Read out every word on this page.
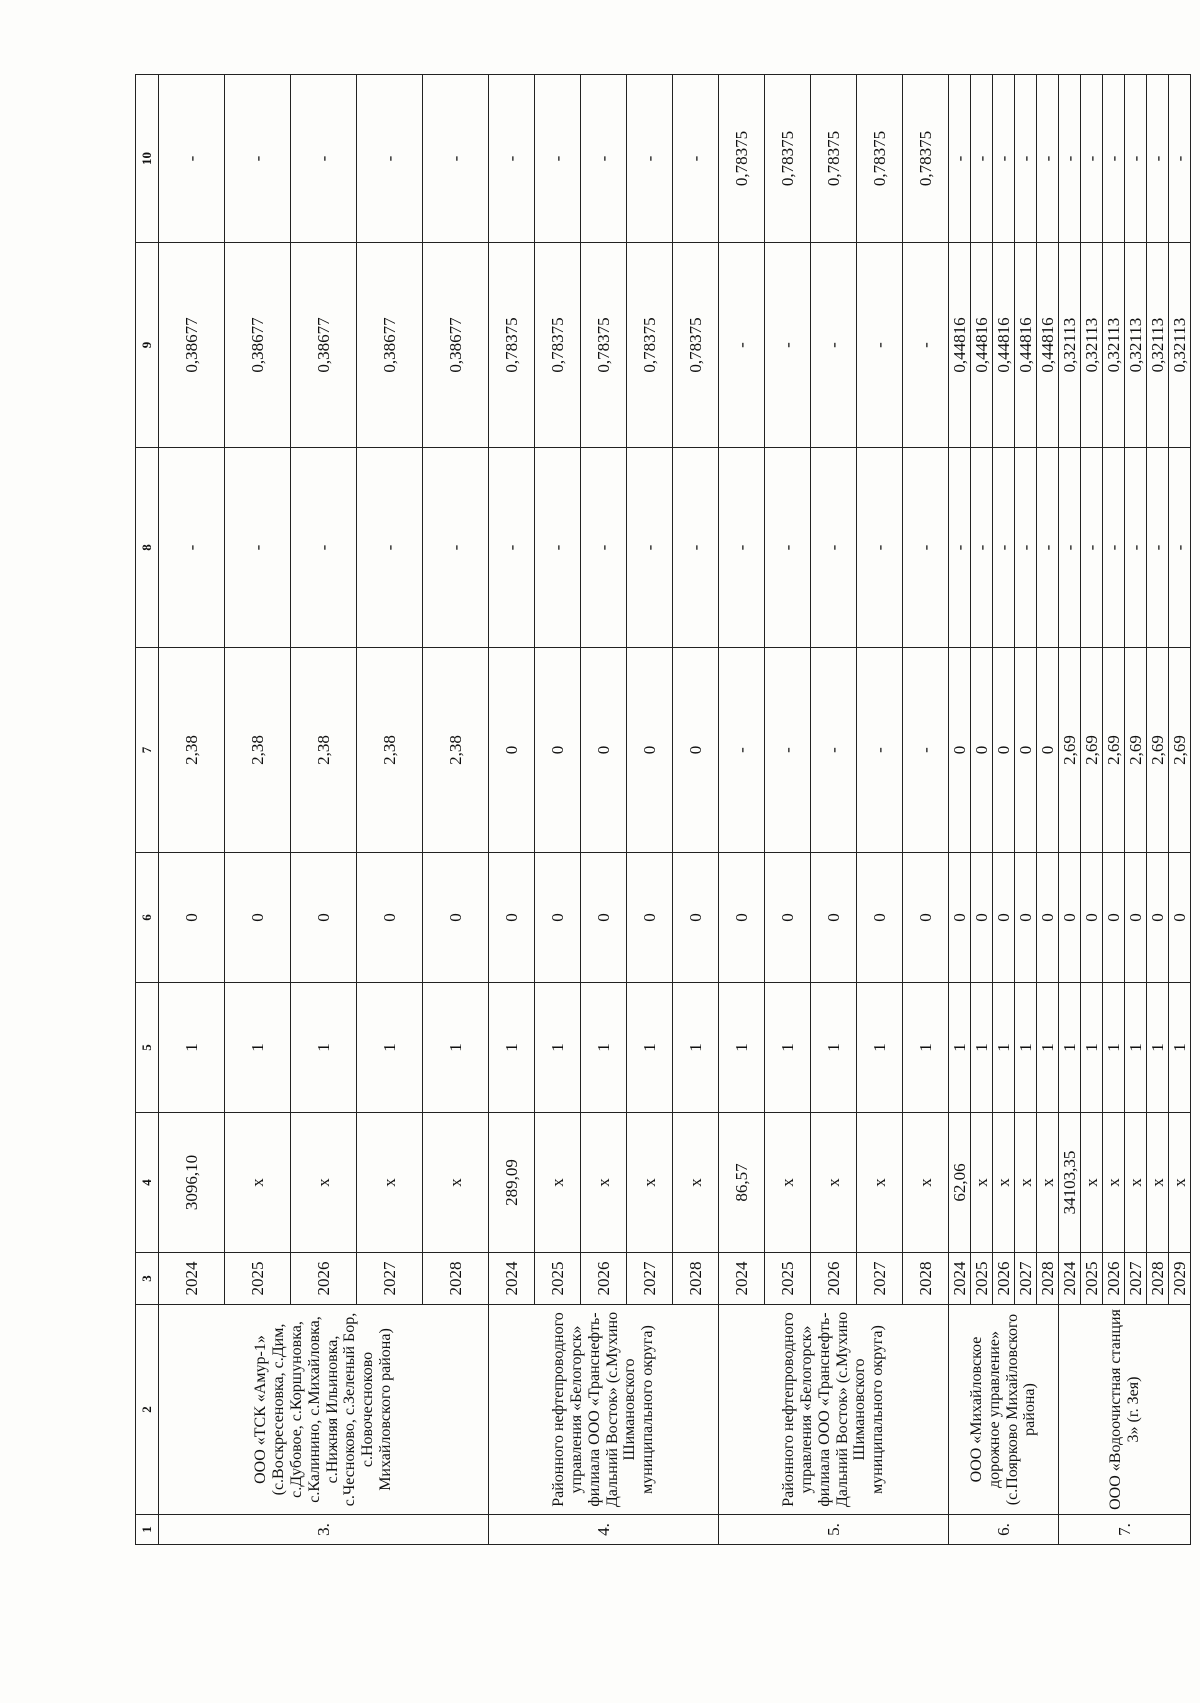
1	2	3	4	5	6	7	8	9	10
3.	ООО «ТСК «Амур-1» (с.Воскресеновка, с.Дим, с.Дубовое, с.Коршуновка, с.Калинино, с.Михайловка, с.Нижняя Ильиновка, с.Чесноково, с.Зеленый Бор, с.Новочесноково Михайловского района)	2024	3096,10	1	0	2,38	-	0,38677	-
		2025	х	1	0	2,38	-	0,38677	-
		2026	х	1	0	2,38	-	0,38677	-
		2027	х	1	0	2,38	-	0,38677	-
		2028	х	1	0	2,38	-	0,38677	-
4.	Районного нефтепроводного управления «Белогорск» филиала ООО «Транснефть-Дальний Восток» (с.Мухино Шимановского муниципального округа)	2024	289,09	1	0	0	-	0,78375	-
		2025	х	1	0	0	-	0,78375	-
		2026	х	1	0	0	-	0,78375	-
		2027	х	1	0	0	-	0,78375	-
		2028	х	1	0	0	-	0,78375	-
5.	Районного нефтепроводного управления «Белогорск» филиала ООО «Транснефть-Дальний Восток» (с.Мухино Шимановского муниципального округа)	2024	86,57	1	0	-	-	-	0,78375
		2025	х	1	0	-	-	-	0,78375
		2026	х	1	0	-	-	-	0,78375
		2027	х	1	0	-	-	-	0,78375
		2028	х	1	0	-	-	-	0,78375
6.	ООО «Михайловское дорожное управление» (с.Поярково Михайловского района)	2024	62,06	1	0	0	-	0,44816	-
		2025	х	1	0	0	-	0,44816	-
		2026	х	1	0	0	-	0,44816	-
		2027	х	1	0	0	-	0,44816	-
		2028	х	1	0	0	-	0,44816	-
7.	ООО «Водоочистная станция 3» (г. Зея)	2024	34103,35	1	0	2,69	-	0,32113	-
		2025	х	1	0	2,69	-	0,32113	-
		2026	х	1	0	2,69	-	0,32113	-
		2027	х	1	0	2,69	-	0,32113	-
		2028	х	1	0	2,69	-	0,32113	-
		2029	х	1	0	2,69	-	0,32113	-
